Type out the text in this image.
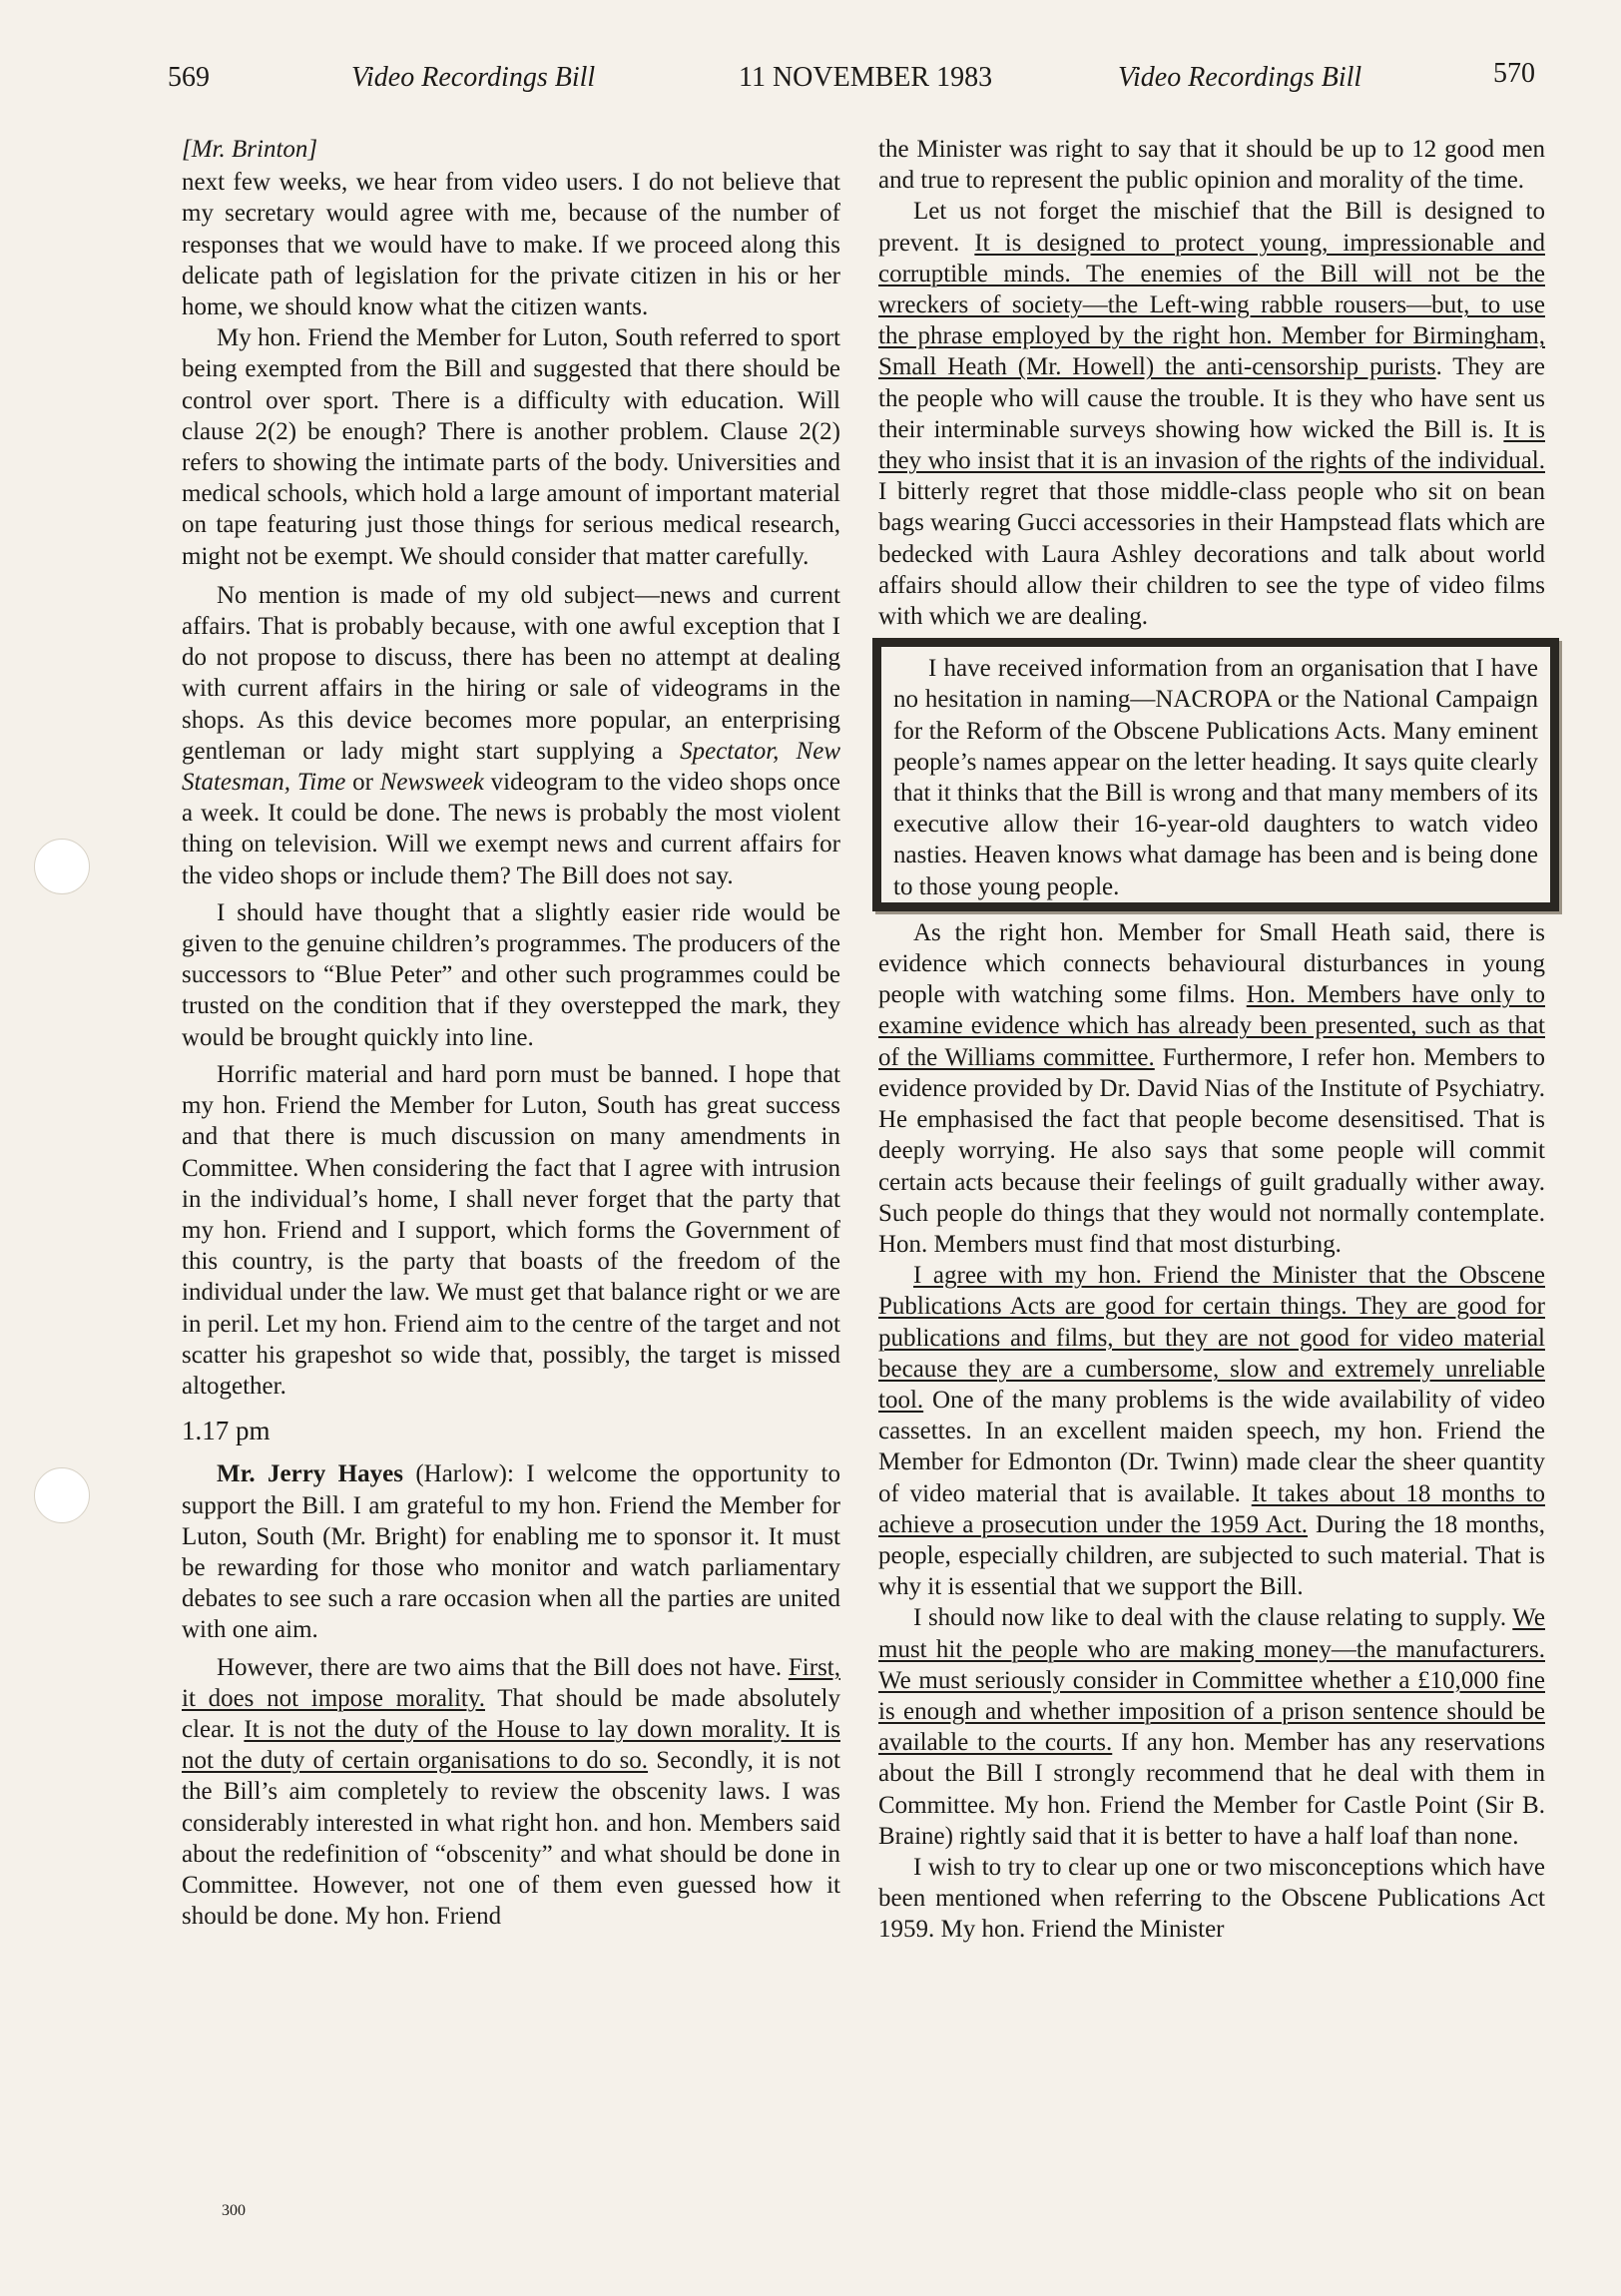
569	Video Recordings Bill	11 NOVEMBER 1983	Video Recordings Bill	570

[Mr. Brinton]

next few weeks, we hear from video users. I do not believe that my secretary would agree with me, because of the number of responses that we would have to make. If we proceed along this delicate path of legislation for the private citizen in his or her home, we should know what the citizen wants.

My hon. Friend the Member for Luton, South referred to sport being exempted from the Bill and suggested that there should be control over sport. There is a difficulty with education. Will clause 2(2) be enough? There is another problem. Clause 2(2) refers to showing the intimate parts of the body. Universities and medical schools, which hold a large amount of important material on tape featuring just those things for serious medical research, might not be exempt. We should consider that matter carefully.

No mention is made of my old subject—news and current affairs. That is probably because, with one awful exception that I do not propose to discuss, there has been no attempt at dealing with current affairs in the hiring or sale of videograms in the shops. As this device becomes more popular, an enterprising gentleman or lady might start supplying a Spectator, New Statesman, Time or Newsweek videogram to the video shops once a week. It could be done. The news is probably the most violent thing on television. Will we exempt news and current affairs for the video shops or include them? The Bill does not say.

I should have thought that a slightly easier ride would be given to the genuine children’s programmes. The producers of the successors to “Blue Peter” and other such programmes could be trusted on the condition that if they overstepped the mark, they would be brought quickly into line.

Horrific material and hard porn must be banned. I hope that my hon. Friend the Member for Luton, South has great success and that there is much discussion on many amendments in Committee. When considering the fact that I agree with intrusion in the individual’s home, I shall never forget that the party that my hon. Friend and I support, which forms the Government of this country, is the party that boasts of the freedom of the individual under the law. We must get that balance right or we are in peril. Let my hon. Friend aim to the centre of the target and not scatter his grapeshot so wide that, possibly, the target is missed altogether.

1.17 pm

Mr. Jerry Hayes (Harlow): I welcome the opportunity to support the Bill. I am grateful to my hon. Friend the Member for Luton, South (Mr. Bright) for enabling me to sponsor it. It must be rewarding for those who monitor and watch parliamentary debates to see such a rare occasion when all the parties are united with one aim.

However, there are two aims that the Bill does not have. First, it does not impose morality. That should be made absolutely clear. It is not the duty of the House to lay down morality. It is not the duty of certain organisations to do so. Secondly, it is not the Bill’s aim completely to review the obscenity laws. I was considerably interested in what right hon. and hon. Members said about the redefinition of “obscenity” and what should be done in Committee. However, not one of them even guessed how it should be done. My hon. Friend

the Minister was right to say that it should be up to 12 good men and true to represent the public opinion and morality of the time.

Let us not forget the mischief that the Bill is designed to prevent. It is designed to protect young, impressionable and corruptible minds. The enemies of the Bill will not be the wreckers of society—the Left-wing rabble rousers—but, to use the phrase employed by the right hon. Member for Birmingham, Small Heath (Mr. Howell) the anti-censorship purists. They are the people who will cause the trouble. It is they who have sent us their interminable surveys showing how wicked the Bill is. It is they who insist that it is an invasion of the rights of the individual. I bitterly regret that those middle-class people who sit on bean bags wearing Gucci accessories in their Hampstead flats which are bedecked with Laura Ashley decorations and talk about world affairs should allow their children to see the type of video films with which we are dealing.

I have received information from an organisation that I have no hesitation in naming—NACROPA or the National Campaign for the Reform of the Obscene Publications Acts. Many eminent people’s names appear on the letter heading. It says quite clearly that it thinks that the Bill is wrong and that many members of its executive allow their 16-year-old daughters to watch video nasties. Heaven knows what damage has been and is being done to those young people.

As the right hon. Member for Small Heath said, there is evidence which connects behavioural disturbances in young people with watching some films. Hon. Members have only to examine evidence which has already been presented, such as that of the Williams committee. Furthermore, I refer hon. Members to evidence provided by Dr. David Nias of the Institute of Psychiatry. He emphasised the fact that people become desensitised. That is deeply worrying. He also says that some people will commit certain acts because their feelings of guilt gradually wither away. Such people do things that they would not normally contemplate. Hon. Members must find that most disturbing.

I agree with my hon. Friend the Minister that the Obscene Publications Acts are good for certain things. They are good for publications and films, but they are not good for video material because they are a cumbersome, slow and extremely unreliable tool. One of the many problems is the wide availability of video cassettes. In an excellent maiden speech, my hon. Friend the Member for Edmonton (Dr. Twinn) made clear the sheer quantity of video material that is available. It takes about 18 months to achieve a prosecution under the 1959 Act. During the 18 months, people, especially children, are subjected to such material. That is why it is essential that we support the Bill.

I should now like to deal with the clause relating to supply. We must hit the people who are making money—the manufacturers. We must seriously consider in Committee whether a £10,000 fine is enough and whether imposition of a prison sentence should be available to the courts. If any hon. Member has any reservations about the Bill I strongly recommend that he deal with them in Committee. My hon. Friend the Member for Castle Point (Sir B. Braine) rightly said that it is better to have a half loaf than none.

I wish to try to clear up one or two misconceptions which have been mentioned when referring to the Obscene Publications Act 1959. My hon. Friend the Minister

300
